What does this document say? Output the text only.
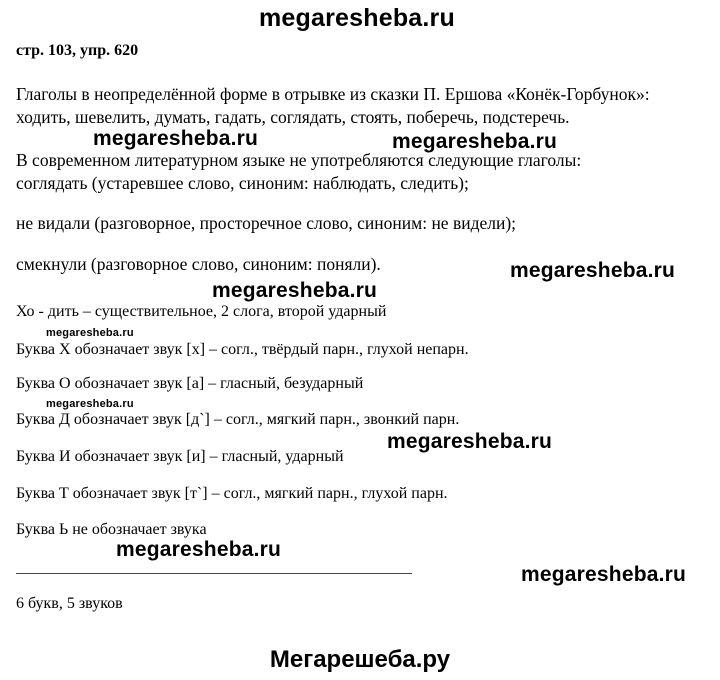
megaresheba.ru
стр. 103, упр. 620
Глаголы в неопределённой форме в отрывке из сказки П. Ершова «Конёк-Горбунок»:
ходить, шевелить, думать, гадать, соглядать, стоять, поберечь, подстеречь.
megaresheba.ru	megaresheba.ru
В современном литературном языке не употребляются следующие глаголы:
соглядать (устаревшее слово, синоним: наблюдать, следить);
не видали (разговорное, просторечное слово, синоним: не видели);
смекнули (разговорное слово, синоним: поняли).	megaresheba.ru
megaresheba.ru
Хо - дить – существительное, 2 слога, второй ударный
megaresheba.ru
Буква Х обозначает звук [х] – согл., твёрдый парн., глухой непарн.
Буква О обозначает звук [а] – гласный, безударный
megaresheba.ru
Буква Д обозначает звук [д`] – согл., мягкий парн., звонкий парн.
megaresheba.ru
Буква И обозначает звук [и] – гласный, ударный
Буква Т обозначает звук [т`] – согл., мягкий парн., глухой парн.
Буква Ь не обозначает звука
megaresheba.ru
megaresheba.ru
6 букв, 5 звуков
Мегарешеба.ру
